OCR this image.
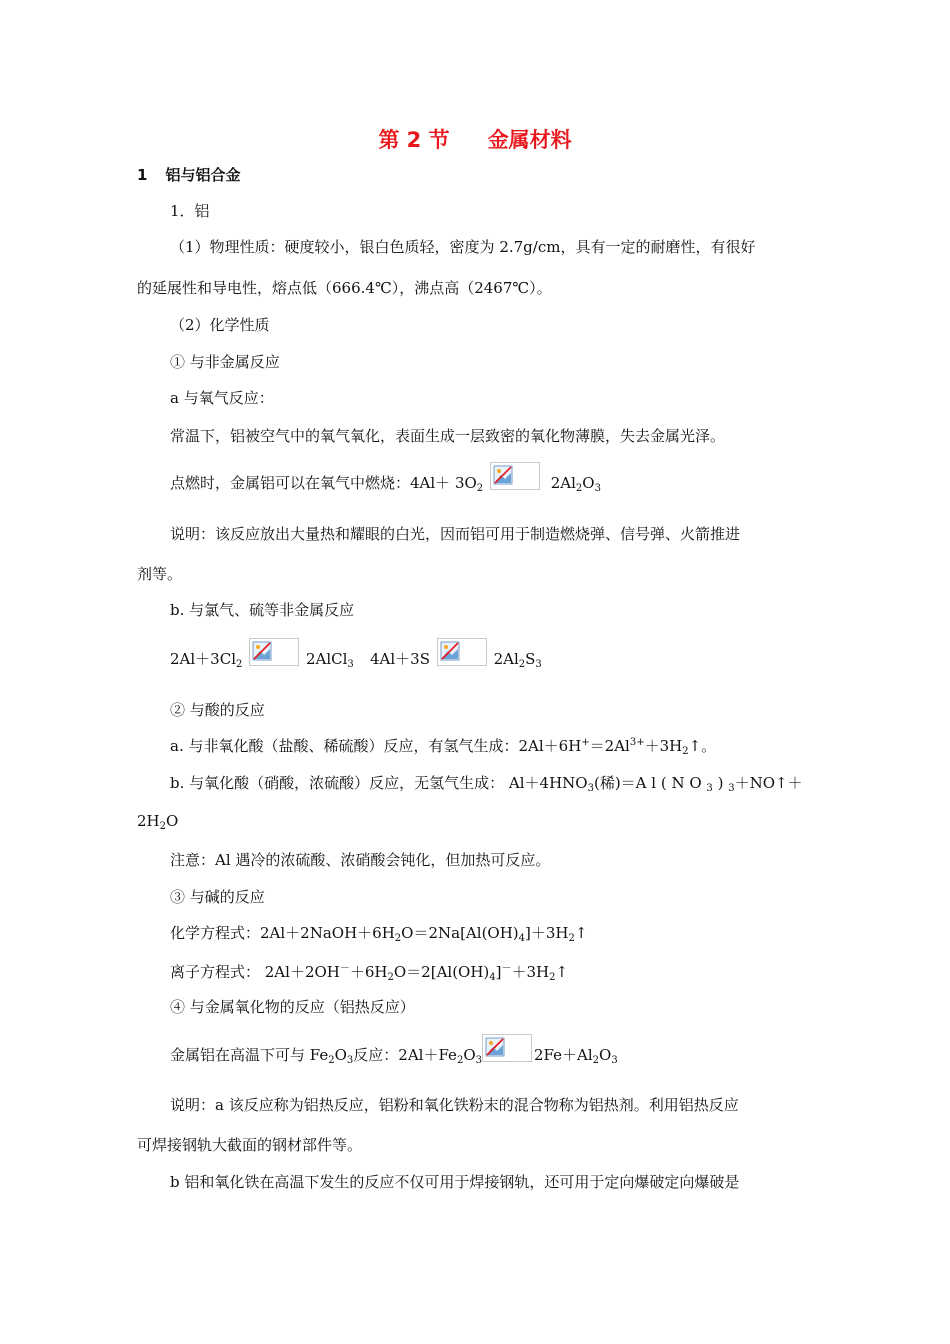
第 2 节 金属材料
1 铝与铝合金
1．铝
（1）物理性质：硬度较小，银白色质轻，密度为 2.7g/cm，具有一定的耐磨性，有很好
的延展性和导电性，熔点低（666.4℃），沸点高（2467℃）。
（2）化学性质
① 与非金属反应
a 与氧气反应：
常温下，铝被空气中的氧气氧化，表面生成一层致密的氧化物薄膜，失去金属光泽。
点燃时，金属铝可以在氧气中燃烧：$4Al+ 3O_2$	$2Al_2O_3$
说明：该反应放出大量热和耀眼的白光，因而铝可用于制造燃烧弹、信号弹、火箭推进
剂等。
b. 与氯气、硫等非金属反应
$2Al+3Cl_2$	2AlCl$_3$ 4Al＋3S	$2Al_2S_3$
② 与酸的反应
a. 与非氧化酸（盐酸、稀硫酸）反应，有氢气生成：$2Al+6H^+=2Al^{3+}+3H_2↑$。
b. 与氧化酸（硝酸，浓硫酸）反应，无氢气生成： $Al+4HNO_3$(稀)＝A l ( N O $_3$ ) $_3$＋NO↑＋
$2H_2O$
注意：Al 遇冷的浓硫酸、浓硝酸会钝化，但加热可反应。
③ 与碱的反应
化学方程式：$2Al+2NaOH+6H_2O=2Na[Al(OH)_4]+3H_2↑$
离子方程式： $2Al+2OH^-+6H_2O=2[Al(OH)_4]^-+3H_2↑$
④ 与金属氧化物的反应（铝热反应）
金属铝在高温下可与 $Fe_2O_3$反应：$2Al+Fe_2O_3$	$2Fe+Al_2O_3$
说明：a 该反应称为铝热反应，铝粉和氧化铁粉末的混合物称为铝热剂。利用铝热反应
可焊接钢轨大截面的钢材部件等。
b 铝和氧化铁在高温下发生的反应不仅可用于焊接钢轨，还可用于定向爆破定向爆破是
